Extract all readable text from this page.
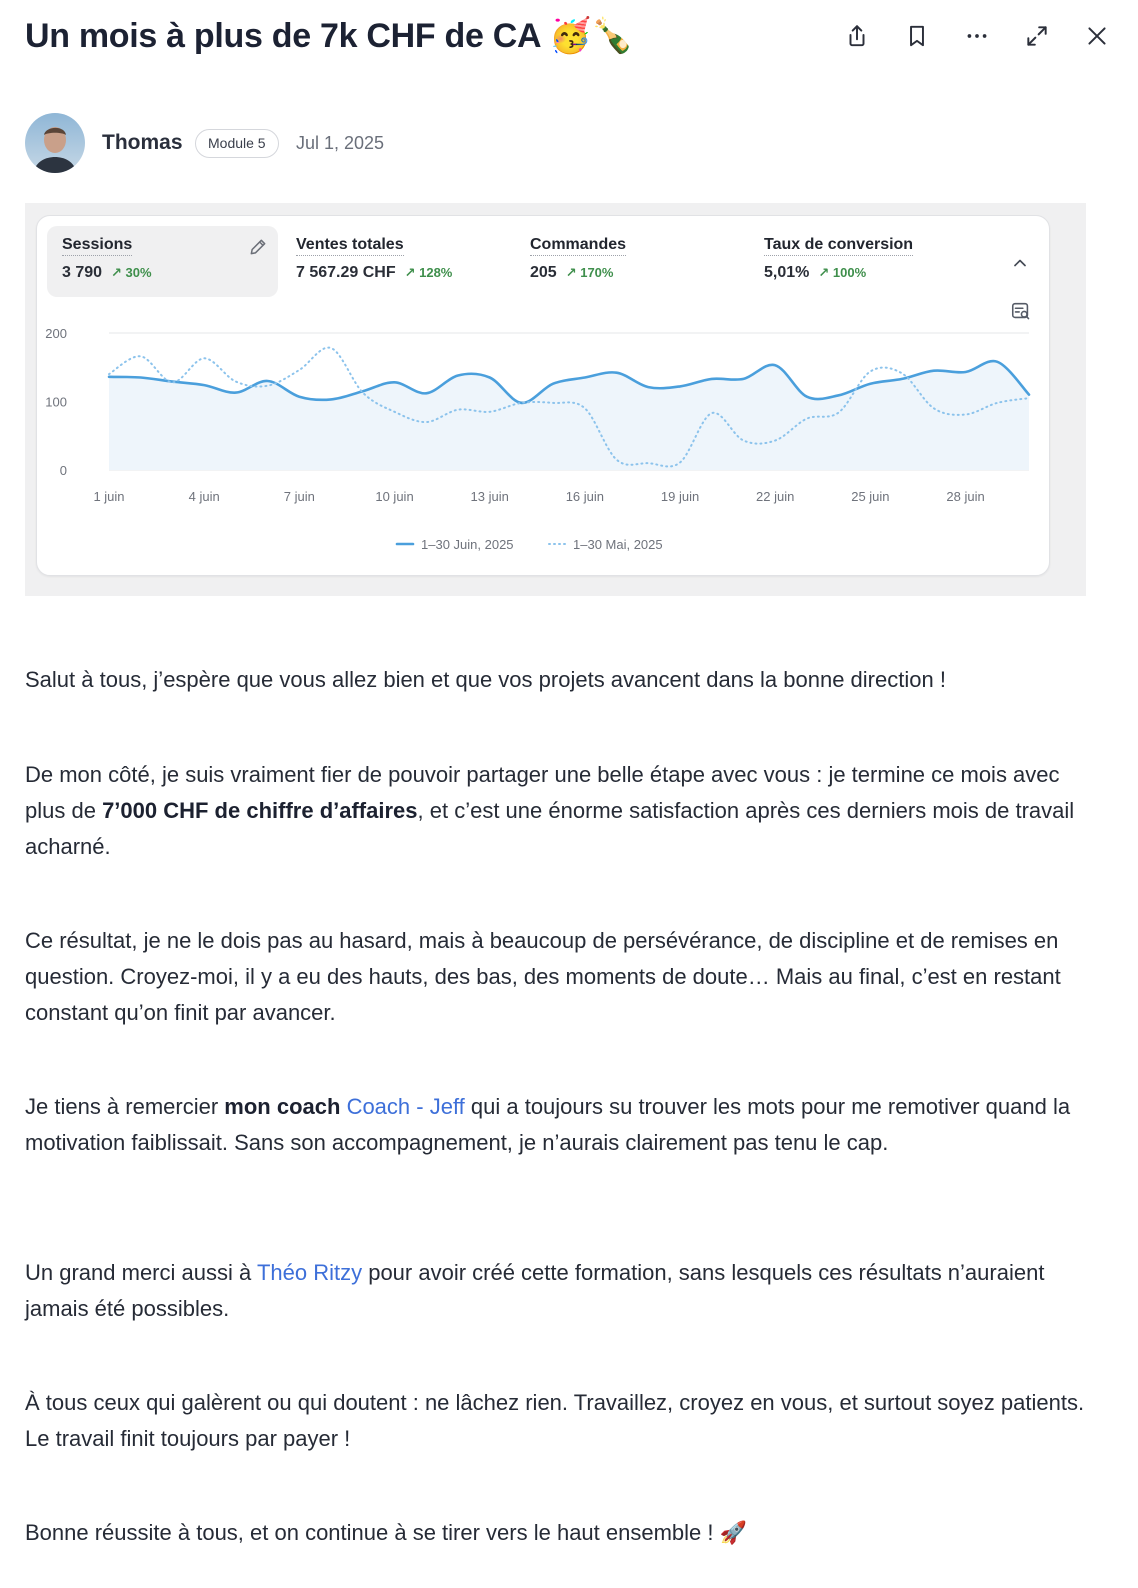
Un mois à plus de 7k CHF de CA 🥳🍾
Thomas	Module 5	Jul 1, 2025
Sessions
3 790 ↗ 30%
Ventes totales
7 567.29 CHF ↗ 128%
Commandes
205 ↗ 170%
Taux de conversion
5,01% ↗ 100%
0
100
200
1 juin	4 juin	7 juin	10 juin	13 juin	16 juin	19 juin	22 juin	25 juin	28 juin
1–30 Juin, 2025	1–30 Mai, 2025

Salut à tous, j’espère que vous allez bien et que vos projets avancent dans la bonne direction !

De mon côté, je suis vraiment fier de pouvoir partager une belle étape avec vous : je termine ce mois avec plus de 7’000 CHF de chiffre d’affaires, et c’est une énorme satisfaction après ces derniers mois de travail acharné.

Ce résultat, je ne le dois pas au hasard, mais à beaucoup de persévérance, de discipline et de remises en question. Croyez-moi, il y a eu des hauts, des bas, des moments de doute… Mais au final, c’est en restant constant qu’on finit par avancer.

Je tiens à remercier mon coach Coach - Jeff qui a toujours su trouver les mots pour me remotiver quand la motivation faiblissait. Sans son accompagnement, je n’aurais clairement pas tenu le cap.

Un grand merci aussi à Théo Ritzy pour avoir créé cette formation, sans lesquels ces résultats n’auraient jamais été possibles.

À tous ceux qui galèrent ou qui doutent : ne lâchez rien. Travaillez, croyez en vous, et surtout soyez patients. Le travail finit toujours par payer !

Bonne réussite à tous, et on continue à se tirer vers le haut ensemble ! 🚀
